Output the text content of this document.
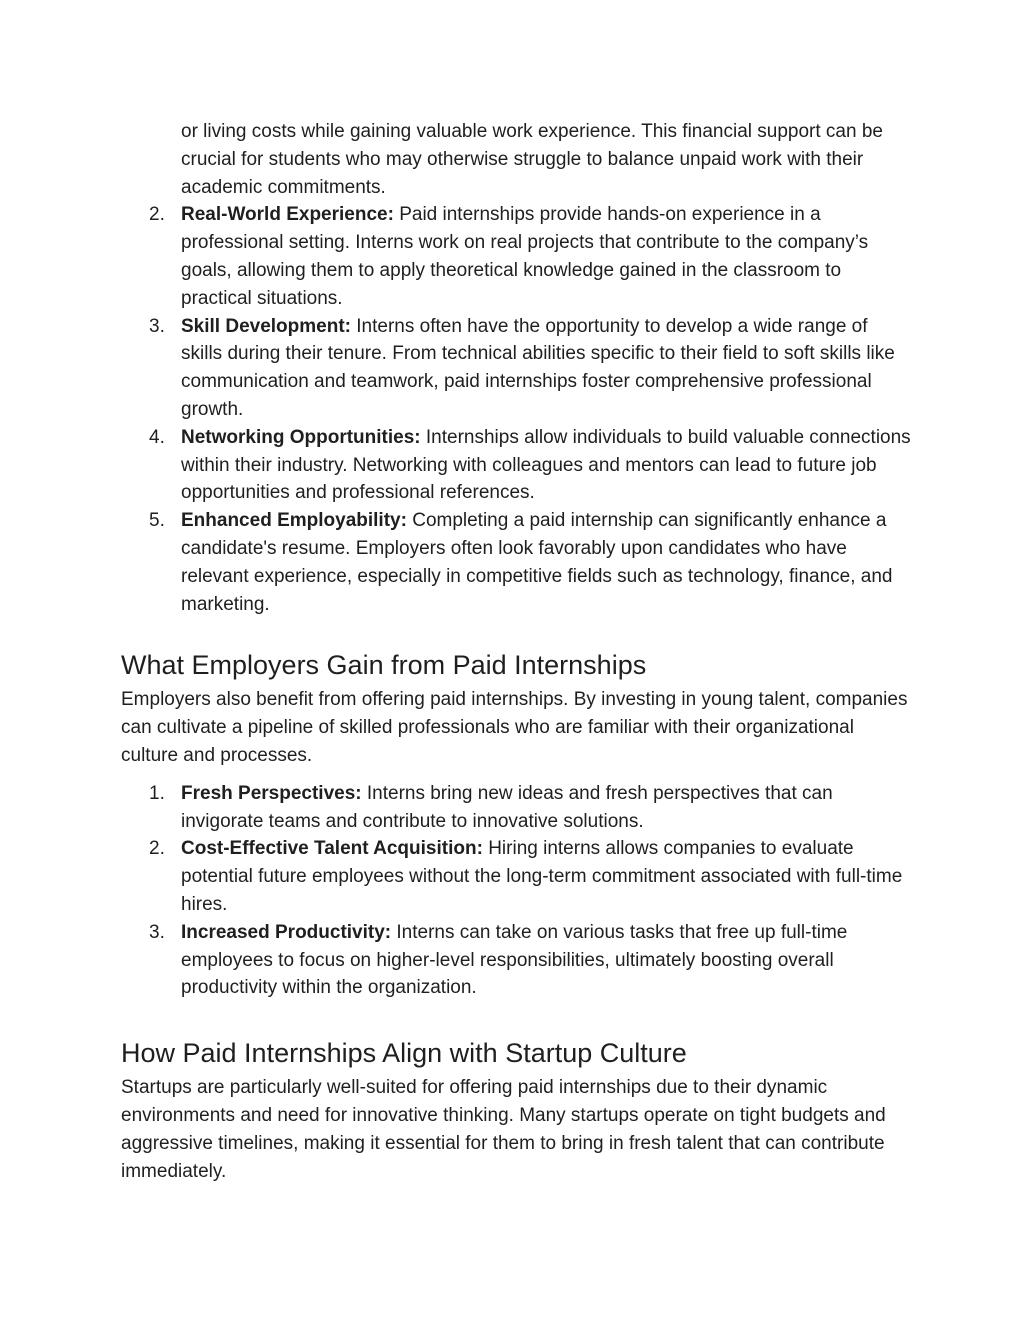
or living costs while gaining valuable work experience. This financial support can be crucial for students who may otherwise struggle to balance unpaid work with their academic commitments.
2. Real-World Experience: Paid internships provide hands-on experience in a professional setting. Interns work on real projects that contribute to the company’s goals, allowing them to apply theoretical knowledge gained in the classroom to practical situations.
3. Skill Development: Interns often have the opportunity to develop a wide range of skills during their tenure. From technical abilities specific to their field to soft skills like communication and teamwork, paid internships foster comprehensive professional growth.
4. Networking Opportunities: Internships allow individuals to build valuable connections within their industry. Networking with colleagues and mentors can lead to future job opportunities and professional references.
5. Enhanced Employability: Completing a paid internship can significantly enhance a candidate's resume. Employers often look favorably upon candidates who have relevant experience, especially in competitive fields such as technology, finance, and marketing.
What Employers Gain from Paid Internships

Employers also benefit from offering paid internships. By investing in young talent, companies can cultivate a pipeline of skilled professionals who are familiar with their organizational culture and processes.

1. Fresh Perspectives: Interns bring new ideas and fresh perspectives that can invigorate teams and contribute to innovative solutions.
2. Cost-Effective Talent Acquisition: Hiring interns allows companies to evaluate potential future employees without the long-term commitment associated with full-time hires.
3. Increased Productivity: Interns can take on various tasks that free up full-time employees to focus on higher-level responsibilities, ultimately boosting overall productivity within the organization.
How Paid Internships Align with Startup Culture

Startups are particularly well-suited for offering paid internships due to their dynamic environments and need for innovative thinking. Many startups operate on tight budgets and aggressive timelines, making it essential for them to bring in fresh talent that can contribute immediately.
